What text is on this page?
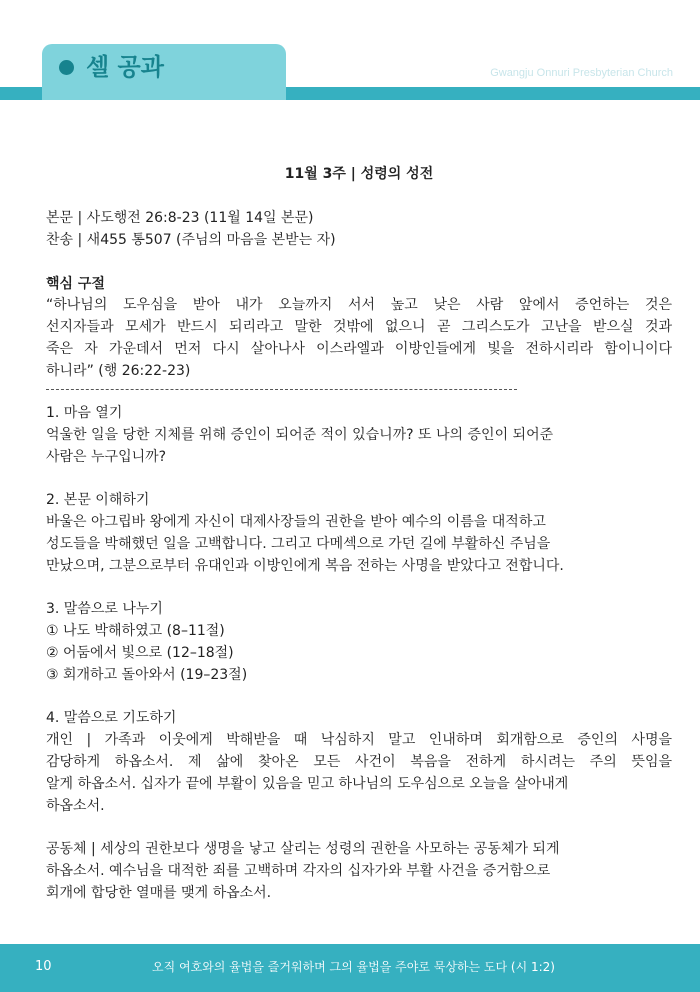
셀 공과	Gwangju Onnuri Presbyterian Church
11월 3주 | 성령의 성전
본문 | 사도행전 26:8-23 (11월 14일 본문)
찬송 | 새455 통507 (주님의 마음을 본받는 자)
핵심 구절
“하나님의 도우심을 받아 내가 오늘까지 서서 높고 낮은 사람 앞에서 증언하는 것은
선지자들과 모세가 반드시 되리라고 말한 것밖에 없으니 곧 그리스도가 고난을 받으실 것과
죽은 자 가운데서 먼저 다시 살아나사 이스라엘과 이방인들에게 빛을 전하시리라 함이니이다
하니라” (행 26:22-23)
1. 마음 열기
억울한 일을 당한 지체를 위해 증인이 되어준 적이 있습니까? 또 나의 증인이 되어준
사람은 누구입니까?
2. 본문 이해하기
바울은 아그립바 왕에게 자신이 대제사장들의 권한을 받아 예수의 이름을 대적하고
성도들을 박해했던 일을 고백합니다. 그리고 다메섹으로 가던 길에 부활하신 주님을
만났으며, 그분으로부터 유대인과 이방인에게 복음 전하는 사명을 받았다고 전합니다.
3. 말씀으로 나누기
① 나도 박해하였고 (8–11절)
② 어둠에서 빛으로 (12–18절)
③ 회개하고 돌아와서 (19–23절)
4. 말씀으로 기도하기
개인 | 가족과 이웃에게 박해받을 때 낙심하지 말고 인내하며 회개함으로 증인의 사명을
감당하게 하옵소서. 제 삶에 찾아온 모든 사건이 복음을 전하게 하시려는 주의 뜻임을
알게 하옵소서. 십자가 끝에 부활이 있음을 믿고 하나님의 도우심으로 오늘을 살아내게
하옵소서.
공동체 | 세상의 권한보다 생명을 낳고 살리는 성령의 권한을 사모하는 공동체가 되게
하옵소서. 예수님을 대적한 죄를 고백하며 각자의 십자가와 부활 사건을 증거함으로
회개에 합당한 열매를 맺게 하옵소서.
10	오직 여호와의 율법을 즐거워하며 그의 율법을 주야로 묵상하는 도다 (시 1:2)
